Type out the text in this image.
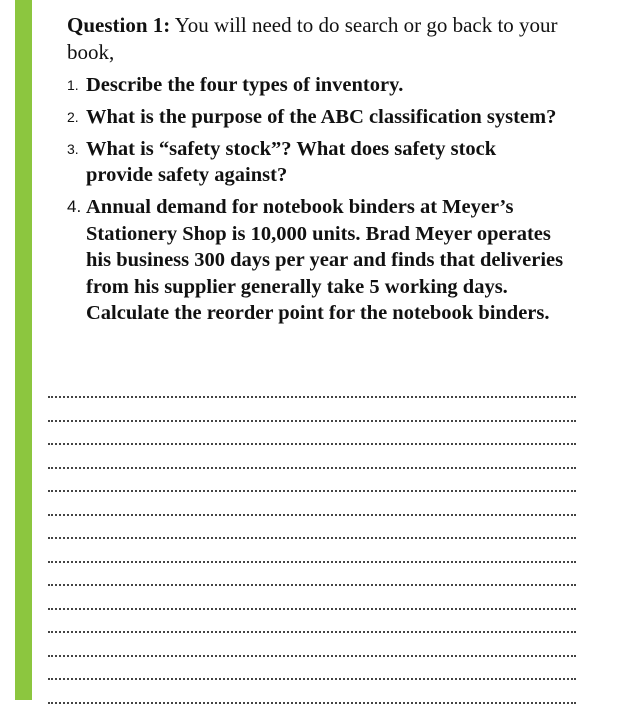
Question 1: You will need to do search or go back to your book,

1. Describe the four types of inventory.
2. What is the purpose of the ABC classification system?
3. What is “safety stock”? What does safety stock provide safety against?
4. Annual demand for notebook binders at Meyer’s Stationery Shop is 10,000 units. Brad Meyer operates his business 300 days per year and finds that deliveries from his supplier generally take 5 working days. Calculate the reorder point for the notebook binders.
